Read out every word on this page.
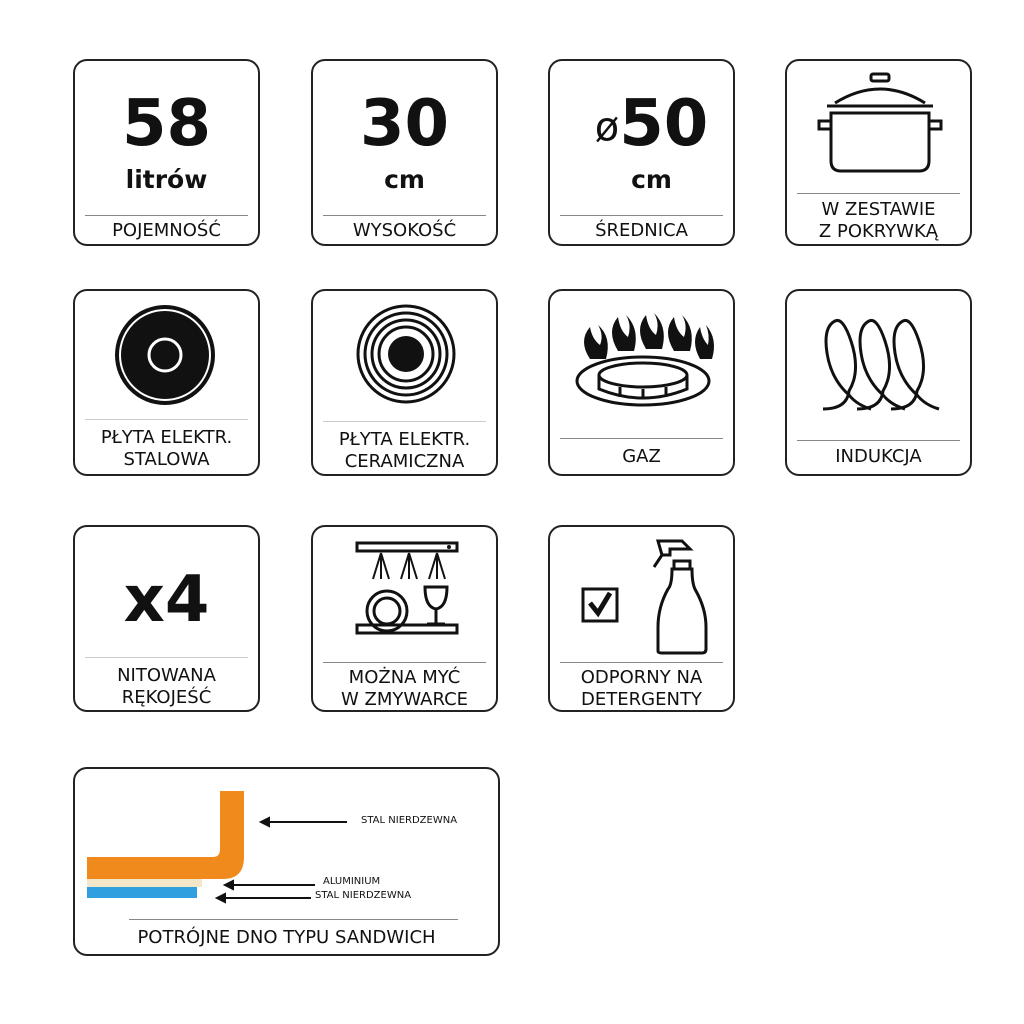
58
litrów
POJEMNOŚĆ
30
cm
WYSOKOŚĆ
ø50
cm
ŚREDNICA
W ZESTAWIE
Z POKRYWKĄ
PŁYTA ELEKTR.
STALOWA
PŁYTA ELEKTR.
CERAMICZNA	GAZ	INDUKCJA
x4
NITOWANA
RĘKOJEŚĆ
MOŻNA MYĆ
W ZMYWARCE
ODPORNY NA
DETERGENTY
STAL NIERDZEWNA
ALUMINIUM
STAL NIERDZEWNA
POTRÓJNE DNO TYPU SANDWICH
